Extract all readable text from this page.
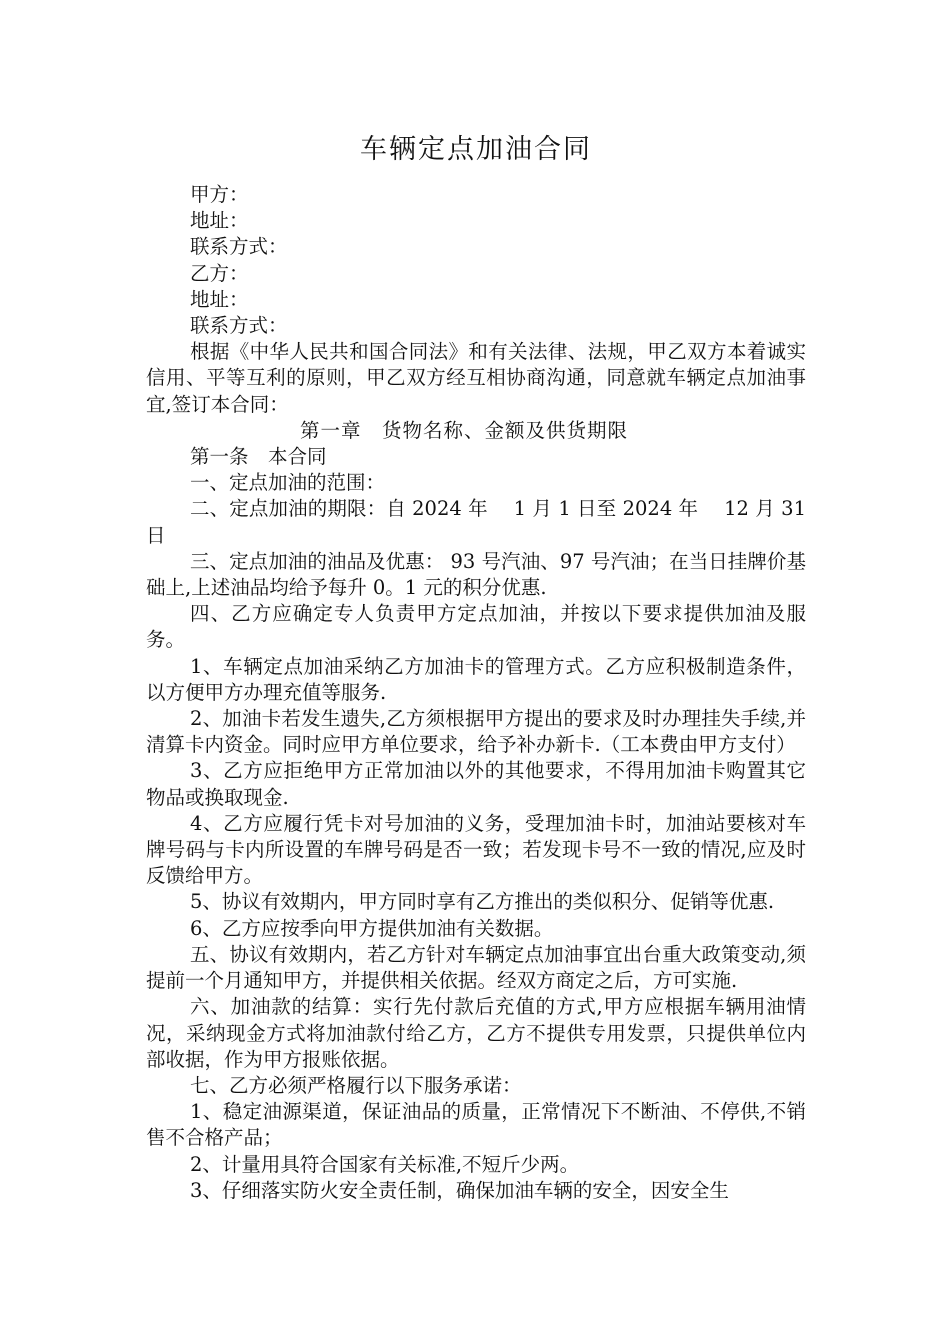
车辆定点加油合同

甲方：

地址：

联系方式：

乙方：

地址：

联系方式：

根据《中华人民共和国合同法》和有关法律、法规，甲乙双方本着诚实信用、平等互利的原则，甲乙双方经互相协商沟通，同意就车辆定点加油事宜,签订本合同：

第一章　货物名称、金额及供货期限

第一条　本合同

一、定点加油的范围：

二、定点加油的期限：自 2024 年　 1 月 1 日至 2024 年　 12 月 31 日

三、定点加油的油品及优惠： 93 号汽油、97 号汽油；在当日挂牌价基础上,上述油品均给予每升 0。1 元的积分优惠.

四、乙方应确定专人负责甲方定点加油，并按以下要求提供加油及服务。

1、车辆定点加油采纳乙方加油卡的管理方式。乙方应积极制造条件，以方便甲方办理充值等服务.

2、加油卡若发生遗失,乙方须根据甲方提出的要求及时办理挂失手续,并清算卡内资金。同时应甲方单位要求，给予补办新卡.（工本费由甲方支付）

3、乙方应拒绝甲方正常加油以外的其他要求，不得用加油卡购置其它物品或换取现金.

4、乙方应履行凭卡对号加油的义务，受理加油卡时，加油站要核对车牌号码与卡内所设置的车牌号码是否一致；若发现卡号不一致的情况,应及时反馈给甲方。

5、协议有效期内，甲方同时享有乙方推出的类似积分、促销等优惠.

6、乙方应按季向甲方提供加油有关数据。

五、协议有效期内，若乙方针对车辆定点加油事宜出台重大政策变动,须提前一个月通知甲方，并提供相关依据。经双方商定之后，方可实施.

六、加油款的结算：实行先付款后充值的方式,甲方应根据车辆用油情况，采纳现金方式将加油款付给乙方，乙方不提供专用发票，只提供单位内部收据，作为甲方报账依据。

七、乙方必须严格履行以下服务承诺：

1、稳定油源渠道，保证油品的质量，正常情况下不断油、不停供,不销售不合格产品；

2、计量用具符合国家有关标准,不短斤少两。

3、仔细落实防火安全责任制，确保加油车辆的安全，因安全生
